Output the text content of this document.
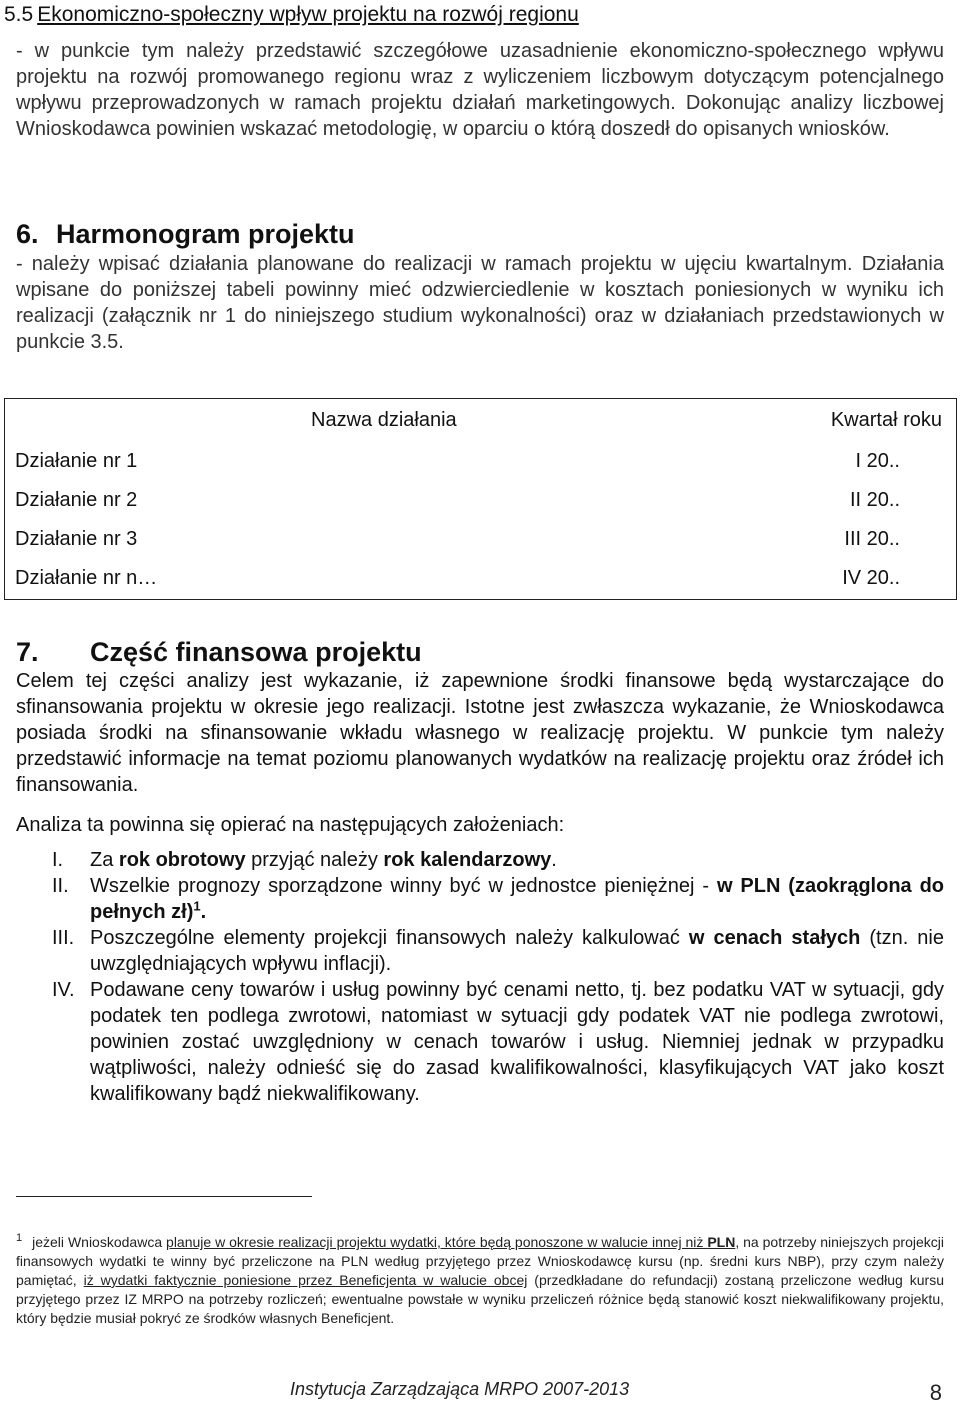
5.5 Ekonomiczno-społeczny wpływ projektu na rozwój regionu
- w punkcie tym należy przedstawić szczegółowe uzasadnienie ekonomiczno-społecznego wpływu projektu na rozwój promowanego regionu wraz z wyliczeniem liczbowym dotyczącym potencjalnego wpływu przeprowadzonych w ramach projektu działań marketingowych. Dokonując analizy liczbowej Wnioskodawca powinien wskazać metodologię, w oparciu o którą doszedł do opisanych wniosków.
6. Harmonogram projektu
- należy wpisać działania planowane do realizacji w ramach projektu w ujęciu kwartalnym. Działania wpisane do poniższej tabeli powinny mieć odzwierciedlenie w kosztach poniesionych w wyniku ich realizacji (załącznik nr 1 do niniejszego studium wykonalności) oraz w działaniach przedstawionych w punkcie 3.5.
Nazwa działania	Kwartał roku
Działanie nr 1	I 20..
Działanie nr 2	II 20..
Działanie nr 3	III 20..
Działanie nr n…	IV 20..
7. Część finansowa projektu
Celem tej części analizy jest wykazanie, iż zapewnione środki finansowe będą wystarczające do sfinansowania projektu w okresie jego realizacji. Istotne jest zwłaszcza wykazanie, że Wnioskodawca posiada środki na sfinansowanie wkładu własnego w realizację projektu. W punkcie tym należy przedstawić informacje na temat poziomu planowanych wydatków na realizację projektu oraz źródeł ich finansowania.
Analiza ta powinna się opierać na następujących założeniach:
I. Za rok obrotowy przyjąć należy rok kalendarzowy.
II. Wszelkie prognozy sporządzone winny być w jednostce pieniężnej - w PLN (zaokrąglona do pełnych zł)$^1$.
III. Poszczególne elementy projekcji finansowych należy kalkulować w cenach stałych (tzn. nie uwzględniających wpływu inflacji).
IV. Podawane ceny towarów i usług powinny być cenami netto, tj. bez podatku VAT w sytuacji, gdy podatek ten podlega zwrotowi, natomiast w sytuacji gdy podatek VAT nie podlega zwrotowi, powinien zostać uwzględniony w cenach towarów i usług. Niemniej jednak w przypadku wątpliwości, należy odnieść się do zasad kwalifikowalności, klasyfikujących VAT jako koszt kwalifikowany bądź niekwalifikowany.
$^1$ jeżeli Wnioskodawca planuje w okresie realizacji projektu wydatki, które będą ponoszone w walucie innej niż PLN, na potrzeby niniejszych projekcji finansowych wydatki te winny być przeliczone na PLN według przyjętego przez Wnioskodawcę kursu (np. średni kurs NBP), przy czym należy pamiętać, iż wydatki faktycznie poniesione przez Beneficjenta w walucie obcej (przedkładane do refundacji) zostaną przeliczone według kursu przyjętego przez IZ MRPO na potrzeby rozliczeń; ewentualne powstałe w wyniku przeliczeń różnice będą stanowić koszt niekwalifikowany projektu, który będzie musiał pokryć ze środków własnych Beneficjent.
Instytucja Zarządzająca MRPO 2007-2013	8
